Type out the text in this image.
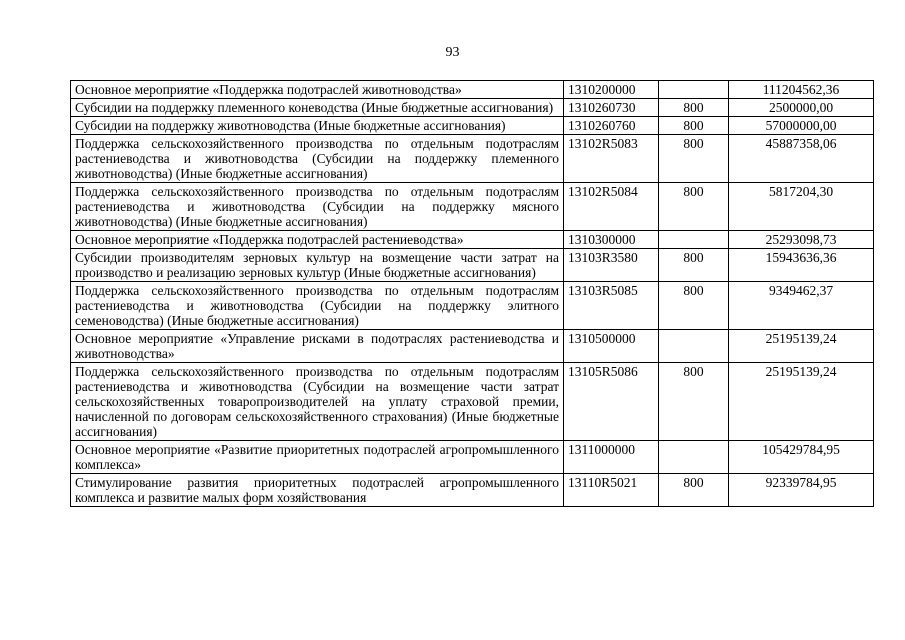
93
Основное мероприятие «Поддержка подотраслей животноводства»	1310200000		111204562,36
Субсидии на поддержку племенного коневодства (Иные бюджетные ассигнования)	1310260730	800	2500000,00
Субсидии на поддержку животноводства (Иные бюджетные ассигнования)	1310260760	800	57000000,00
Поддержка сельскохозяйственного производства по отдельным подотраслям растениеводства и животноводства (Субсидии на поддержку племенного животноводства) (Иные бюджетные ассигнования)	13102R5083	800	45887358,06
Поддержка сельскохозяйственного производства по отдельным подотраслям растениеводства и животноводства (Субсидии на поддержку мясного животноводства) (Иные бюджетные ассигнования)	13102R5084	800	5817204,30
Основное мероприятие «Поддержка подотраслей растениеводства»	1310300000		25293098,73
Субсидии производителям зерновых культур на возмещение части затрат на производство и реализацию зерновых культур (Иные бюджетные ассигнования)	13103R3580	800	15943636,36
Поддержка сельскохозяйственного производства по отдельным подотраслям растениеводства и животноводства (Субсидии на поддержку элитного семеноводства) (Иные бюджетные ассигнования)	13103R5085	800	9349462,37
Основное мероприятие «Управление рисками в подотраслях растениеводства и животноводства»	1310500000		25195139,24
Поддержка сельскохозяйственного производства по отдельным подотраслям растениеводства и животноводства (Субсидии на возмещение части затрат сельскохозяйственных товаропроизводителей на уплату страховой премии, начисленной по договорам сельскохозяйственного страхования) (Иные бюджетные ассигнования)	13105R5086	800	25195139,24
Основное мероприятие «Развитие приоритетных подотраслей агропромышленного комплекса»	1311000000		105429784,95
Стимулирование развития приоритетных подотраслей агропромышленного комплекса и развитие малых форм хозяйствования	13110R5021	800	92339784,95
